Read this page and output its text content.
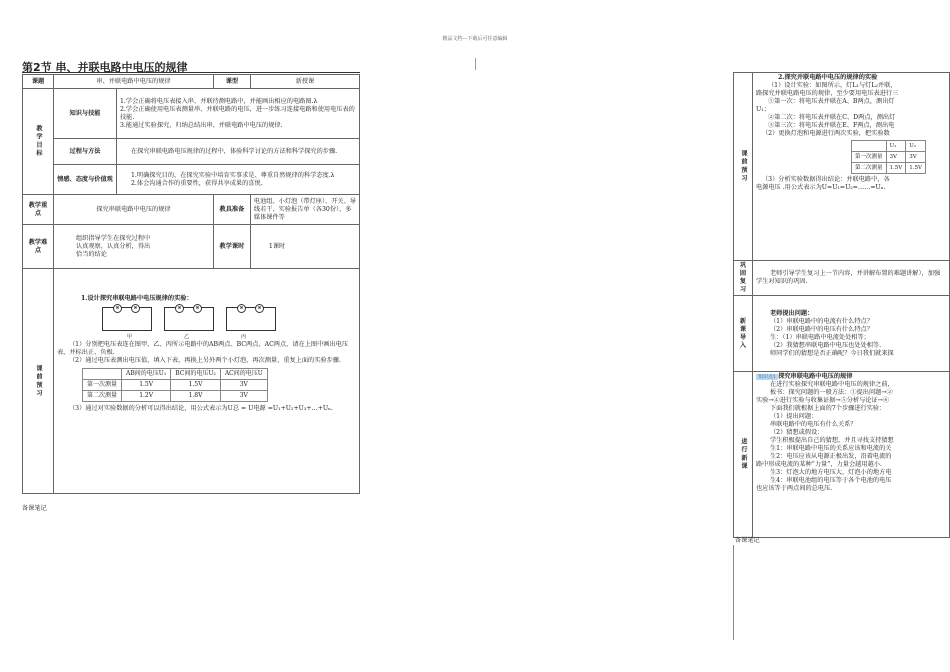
精品文档---下载后可任意编辑
第2节 串、并联电路中电压的规律
课题	串、并联电路中电压的规律	课型	新授课
教学目标	知识与技能	

1.学会正确将电压表接入串、并联待测电路中，并能画出相应的电路图.λ

2.学会正确使用电压表测量串、并联电路的电压，进一步练习连接电路和使用电压表的技能.

3.能通过实验探究，归纳总结出串、并联电路中电压的规律.

过程与方法	在探究串联电路电压规律的过程中，体验科学讨论的方法和科学探究的步骤.
情感、态度与价值观	

1.明确探究目的，在探究实验中培育实事求是、尊重自然规律的科学态度.λ

2.体会沟通合作的重要性，获得共享成果的喜悦.

教学重点	探究串联电路中电压的规律	教具准备	电池组、小灯泡（带灯座）、开关、导线若干、实验报告单（各30份）、多媒体课件等
教学难点	组织指导学生在探究过程中认真观察，认真分析，得出恰当的结论	教学课时	1课时
课前预习	

1.设计探究串联电路中电压规律的实验：

⊗	⊗	⊗	⊗	⊗	⊗
甲	乙	丙

（1）分别把电压表连在图甲、乙、丙所示电路中的AB两点、BC两点、AC两点，请在上图中画出电压表，并标出正、负极.

（2）通过电压表测出电压值，填入下表，再换上另外两个小灯泡，再次测量，重复上面的实验步骤.

	AB间的电压U₁	BC间的电压U₂	AC间的电压U
第一次测量	1.5V	1.5V	3V
第二次测量	1.2V	1.8V	3V

（3）通过对实验数据的分析可以得出结论，用公式表示为U总 = U电源 =U₁+U₂+U₃+…+Uₙ.

备课笔记
课前预习	

2.探究并联电路中电压的规律的实验

（1）设计实验：如图所示，灯L₁与灯L₂并联，

路探究并联电路电压的规律，至少要用电压表进行三

①第一次：将电压表并联在A、B两点，测出灯

U₁；

②第二次：将电压表并联在C、D两点，测出灯

③第三次：将电压表并联在E、F两点，测出电

（2）更换灯泡和电源进行两次实验，把实验数

	U₁	U₂
第一次测量	3V	3V
第二次测量	1.5V	1.5V

（3）分析实验数据得出结论：并联电路中，各

电源电压 .用公式表示为U=U₁=U₂=……=Uₙ.

巩固复习	老师引导学生复习上一节内容，并讲解布置的难题讲解），加强学生对知识的巩固.
新课导入	

老师提出问题：

（1）串联电路中的电流有什么特点？

（2）串联电路中的电压有什么特点？

生：（1）串联电路中电流处处相等；

（2）我猜想串联电路中电压也处处相等.

师同学们的猜想是否正确呢？今日我们就来探

进行新课	

知识点1 探究串联电路中电压的规律

在进行实验探究串联电路中电压的规律之前，

板书：探究问题的一般方法：①提出问题→②

实验→④进行实验与收集证据→⑤分析与论证→⑥

下面我们就根据上面的7个步骤进行实验：

（1）提出问题：

串联电路中的电压有什么关系？

（2）猜想或假设：

学生积极提出自己的猜想，并且寻找支持猜想

生1：串联电路中电压的关系应该和电流的关

生2：电压应该从电源正极出发，沿着电流的

路中形成电流的某种“力量”，力量会越用越小.

生3：灯泡大的地方电压大，灯泡小的地方电

生4：串联电池组的电压等于各个电池的电压

也应该等于两点间的总电压.

备课笔记
